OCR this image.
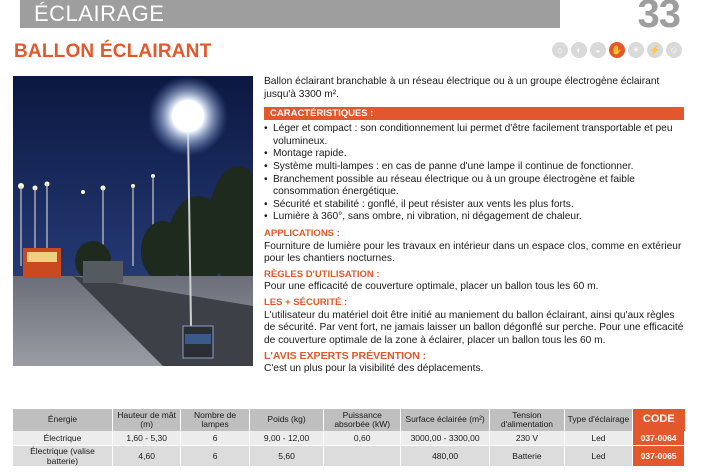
ÉCLAIRAGE	33
BALLON ÉCLAIRANT	⌂	◐	◒	✋	☀	⚡ ☺

Ballon éclairant branchable à un réseau électrique ou à un groupe électrogène éclairant jusqu'à 3300 m².

CARACTÉRISTIQUES :
• Léger et compact : son conditionnement lui permet d'être facilement transportable et peu volumineux.
• Montage rapide.
• Système multi-lampes : en cas de panne d'une lampe il continue de fonctionner.
• Branchement possible au réseau électrique ou à un groupe électrogène et faible consommation énergétique.
• Sécurité et stabilité : gonflé, il peut résister aux vents les plus forts.
• Lumière à 360°, sans ombre, ni vibration, ni dégagement de chaleur.
APPLICATIONS :

Fourniture de lumière pour les travaux en intérieur dans un espace clos, comme en extérieur pour les chantiers nocturnes.

RÈGLES D'UTILISATION :

Pour une efficacité de couverture optimale, placer un ballon tous les 60 m.

LES + SÉCURITÉ :

L'utilisateur du matériel doit être initié au maniement du ballon éclairant, ainsi qu'aux règles de sécurité. Par vent fort, ne jamais laisser un ballon dégonflé sur perche. Pour une efficacité de couverture optimale de la zone à éclairer, placer un ballon tous les 60 m.

L'AVIS EXPERTS PRÉVENTION :

C'est un plus pour la visibilité des déplacements.

Énergie	Hauteur de mât (m)	Nombre de lampes	Poids (kg)	Puissance absorbée (kW)	Surface éclairée (m²)	Tension d'alimentation	Type d'éclairage	CODE
Électrique	1,60 - 5,30	6	9,00 - 12,00	0,60	3000,00 - 3300,00	230 V	Led	037-0064
Électrique (valise batterie)	4,60	6	5,60		480,00	Batterie	Led	037-0065
